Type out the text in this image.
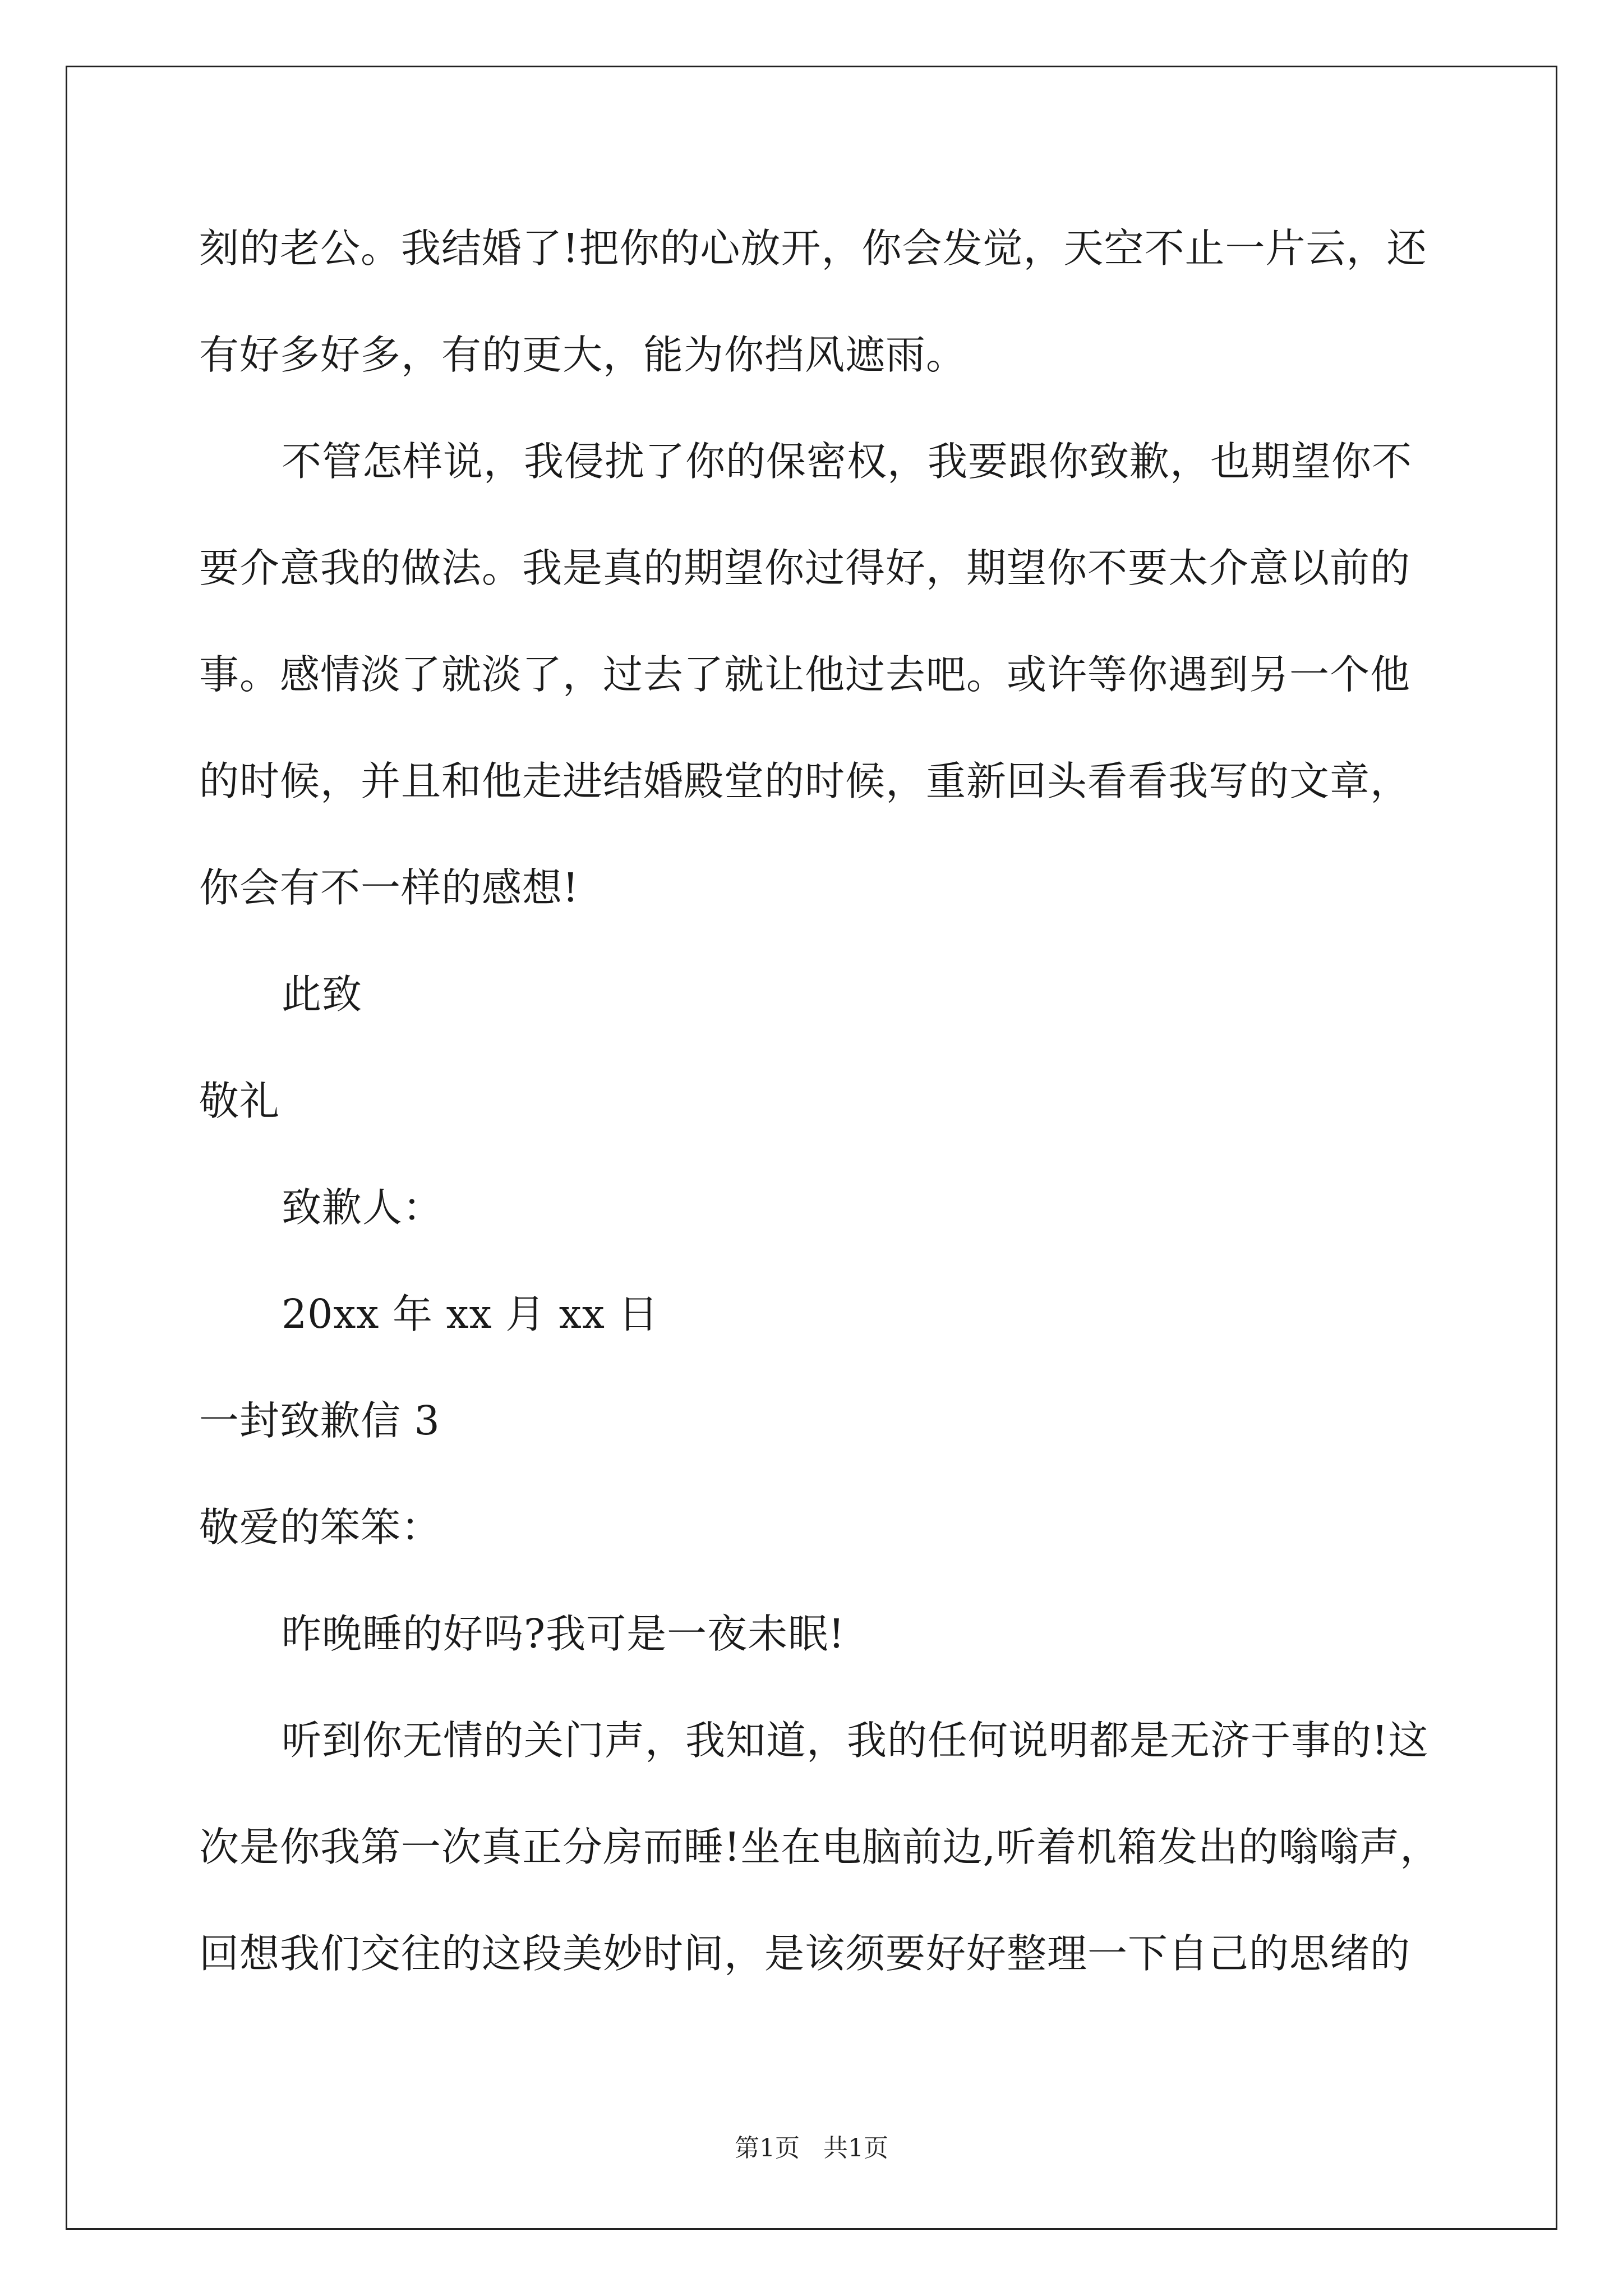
刻的老公。我结婚了!把你的心放开，你会发觉，天空不止一片云，还

有好多好多，有的更大，能为你挡风遮雨。

不管怎样说，我侵扰了你的保密权，我要跟你致歉，也期望你不

要介意我的做法。我是真的期望你过得好，期望你不要太介意以前的

事。感情淡了就淡了，过去了就让他过去吧。或许等你遇到另一个他

的时候，并且和他走进结婚殿堂的时候，重新回头看看我写的文章，

你会有不一样的感想!

此致

敬礼

致歉人：

20xx 年 xx 月 xx 日

一封致歉信 3

敬爱的笨笨：

昨晚睡的好吗?我可是一夜未眠!

听到你无情的关门声，我知道，我的任何说明都是无济于事的!这

次是你我第一次真正分房而睡!坐在电脑前边,听着机箱发出的嗡嗡声，

回想我们交往的这段美妙时间，是该须要好好整理一下自己的思绪的

第1页   共1页
